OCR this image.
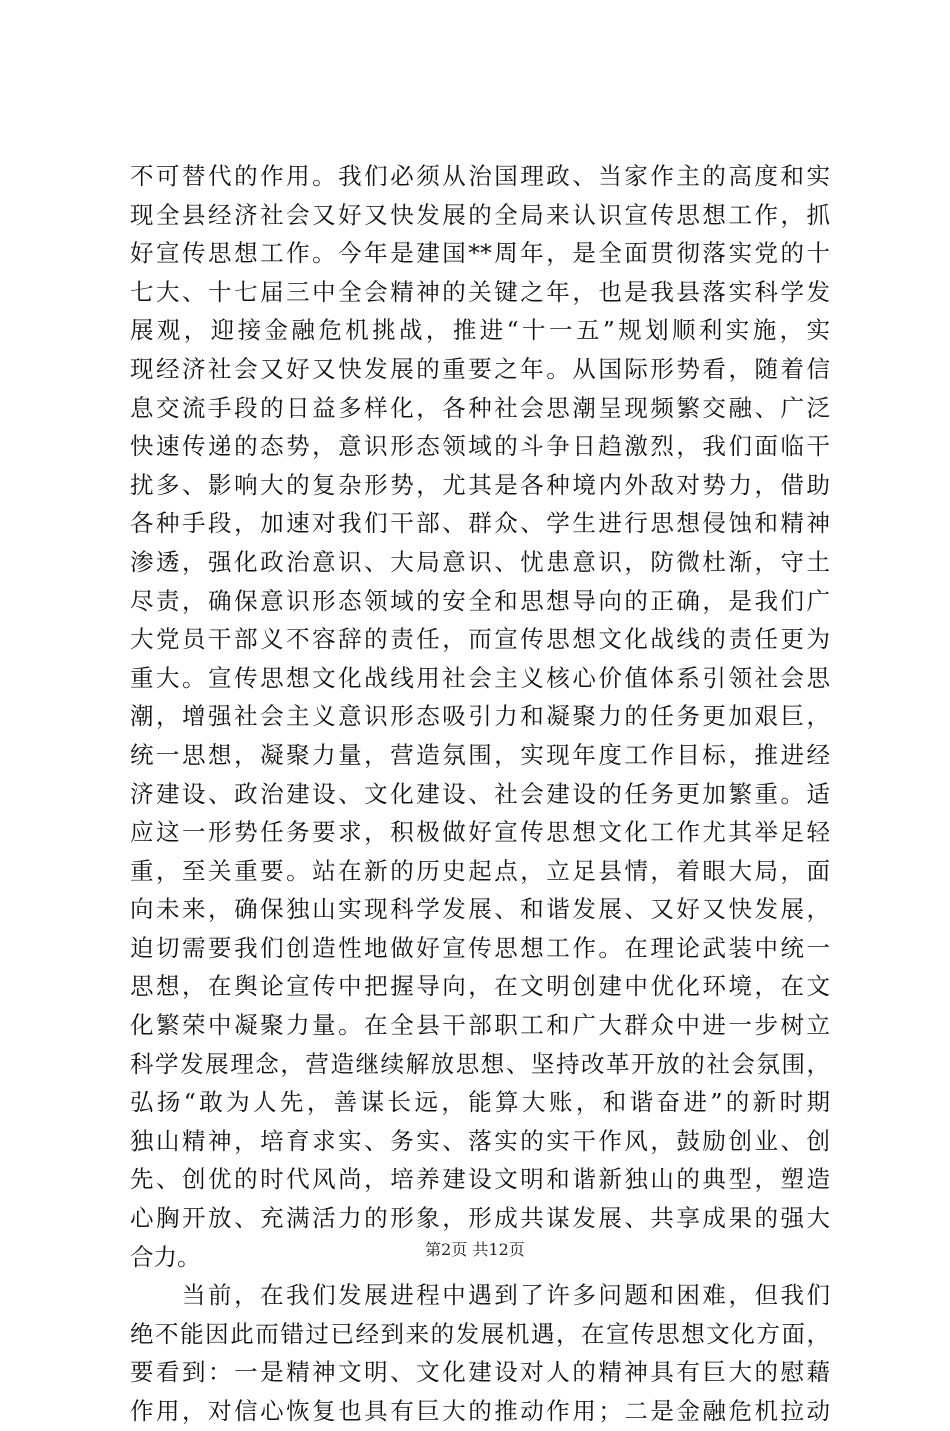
不可替代的作用。我们必须从治国理政、当家作主的高度和实
现全县经济社会又好又快发展的全局来认识宣传思想工作，抓
好宣传思想工作。今年是建国**周年，是全面贯彻落实党的十
七大、十七届三中全会精神的关键之年，也是我县落实科学发
展观，迎接金融危机挑战，推进“十一五”规划顺利实施，实
现经济社会又好又快发展的重要之年。从国际形势看，随着信
息交流手段的日益多样化，各种社会思潮呈现频繁交融、广泛
快速传递的态势，意识形态领域的斗争日趋激烈，我们面临干
扰多、影响大的复杂形势，尤其是各种境内外敌对势力，借助
各种手段，加速对我们干部、群众、学生进行思想侵蚀和精神
渗透，强化政治意识、大局意识、忧患意识，防微杜渐，守土
尽责，确保意识形态领域的安全和思想导向的正确，是我们广
大党员干部义不容辞的责任，而宣传思想文化战线的责任更为
重大。宣传思想文化战线用社会主义核心价值体系引领社会思
潮，增强社会主义意识形态吸引力和凝聚力的任务更加艰巨，
统一思想，凝聚力量，营造氛围，实现年度工作目标，推进经
济建设、政治建设、文化建设、社会建设的任务更加繁重。适
应这一形势任务要求，积极做好宣传思想文化工作尤其举足轻
重，至关重要。站在新的历史起点，立足县情，着眼大局，面
向未来，确保独山实现科学发展、和谐发展、又好又快发展，
迫切需要我们创造性地做好宣传思想工作。在理论武装中统一
思想，在舆论宣传中把握导向，在文明创建中优化环境，在文
化繁荣中凝聚力量。在全县干部职工和广大群众中进一步树立
科学发展理念，营造继续解放思想、坚持改革开放的社会氛围，
弘扬“敢为人先，善谋长远，能算大账，和谐奋进”的新时期
独山精神，培育求实、务实、落实的实干作风，鼓励创业、创
先、创优的时代风尚，培养建设文明和谐新独山的典型，塑造
心胸开放、充满活力的形象，形成共谋发展、共享成果的强大
合力。
　　当前，在我们发展进程中遇到了许多问题和困难，但我们
绝不能因此而错过已经到来的发展机遇，在宣传思想文化方面，
要看到：一是精神文明、文化建设对人的精神具有巨大的慰藉
作用，对信心恢复也具有巨大的推动作用；二是金融危机拉动
第2页 共12页
